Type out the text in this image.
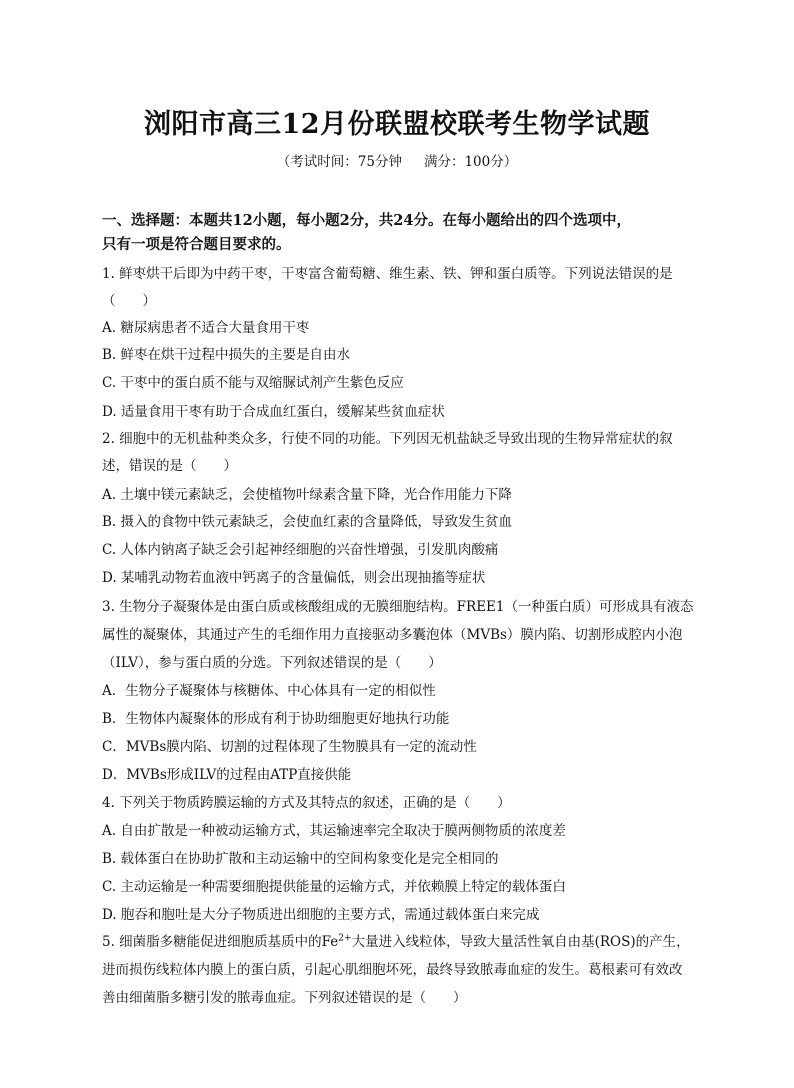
浏阳市高三12月份联盟校联考生物学试题
（考试时间：75分钟 满分：100分）
一、选择题：本题共12小题，每小题2分，共24分。在每小题给出的四个选项中，
只有一项是符合题目要求的。
1. 鲜枣烘干后即为中药干枣，干枣富含葡萄糖、维生素、铁、钾和蛋白质等。下列说法错误的是
（　　）
A. 糖尿病患者不适合大量食用干枣
B. 鲜枣在烘干过程中损失的主要是自由水
C. 干枣中的蛋白质不能与双缩脲试剂产生紫色反应
D. 适量食用干枣有助于合成血红蛋白，缓解某些贫血症状
2. 细胞中的无机盐种类众多，行使不同的功能。下列因无机盐缺乏导致出现的生物异常症状的叙
述，错误的是（　　）
A. 土壤中镁元素缺乏，会使植物叶绿素含量下降，光合作用能力下降
B. 摄入的食物中铁元素缺乏，会使血红素的含量降低，导致发生贫血
C. 人体内钠离子缺乏会引起神经细胞的兴奋性增强，引发肌肉酸痛
D. 某哺乳动物若血液中钙离子的含量偏低，则会出现抽搐等症状
3. 生物分子凝聚体是由蛋白质或核酸组成的无膜细胞结构。FREE1（一种蛋白质）可形成具有液态
属性的凝聚体，其通过产生的毛细作用力直接驱动多囊泡体（MVBs）膜内陷、切割形成腔内小泡
（ILV），参与蛋白质的分选。下列叙述错误的是（　　）
A．生物分子凝聚体与核糖体、中心体具有一定的相似性
B．生物体内凝聚体的形成有利于协助细胞更好地执行功能
C．MVBs膜内陷、切割的过程体现了生物膜具有一定的流动性
D．MVBs形成ILV的过程由ATP直接供能
4. 下列关于物质跨膜运输的方式及其特点的叙述，正确的是（　　）
A. 自由扩散是一种被动运输方式，其运输速率完全取决于膜两侧物质的浓度差
B. 载体蛋白在协助扩散和主动运输中的空间构象变化是完全相同的
C. 主动运输是一种需要细胞提供能量的运输方式，并依赖膜上特定的载体蛋白
D. 胞吞和胞吐是大分子物质进出细胞的主要方式，需通过载体蛋白来完成
5. 细菌脂多糖能促进细胞质基质中的$Fe^{2+}$大量进入线粒体，导致大量活性氧自由基(ROS)的产生，
进而损伤线粒体内膜上的蛋白质，引起心肌细胞坏死，最终导致脓毒血症的发生。葛根素可有效改
善由细菌脂多糖引发的脓毒血症。下列叙述错误的是（　　）
